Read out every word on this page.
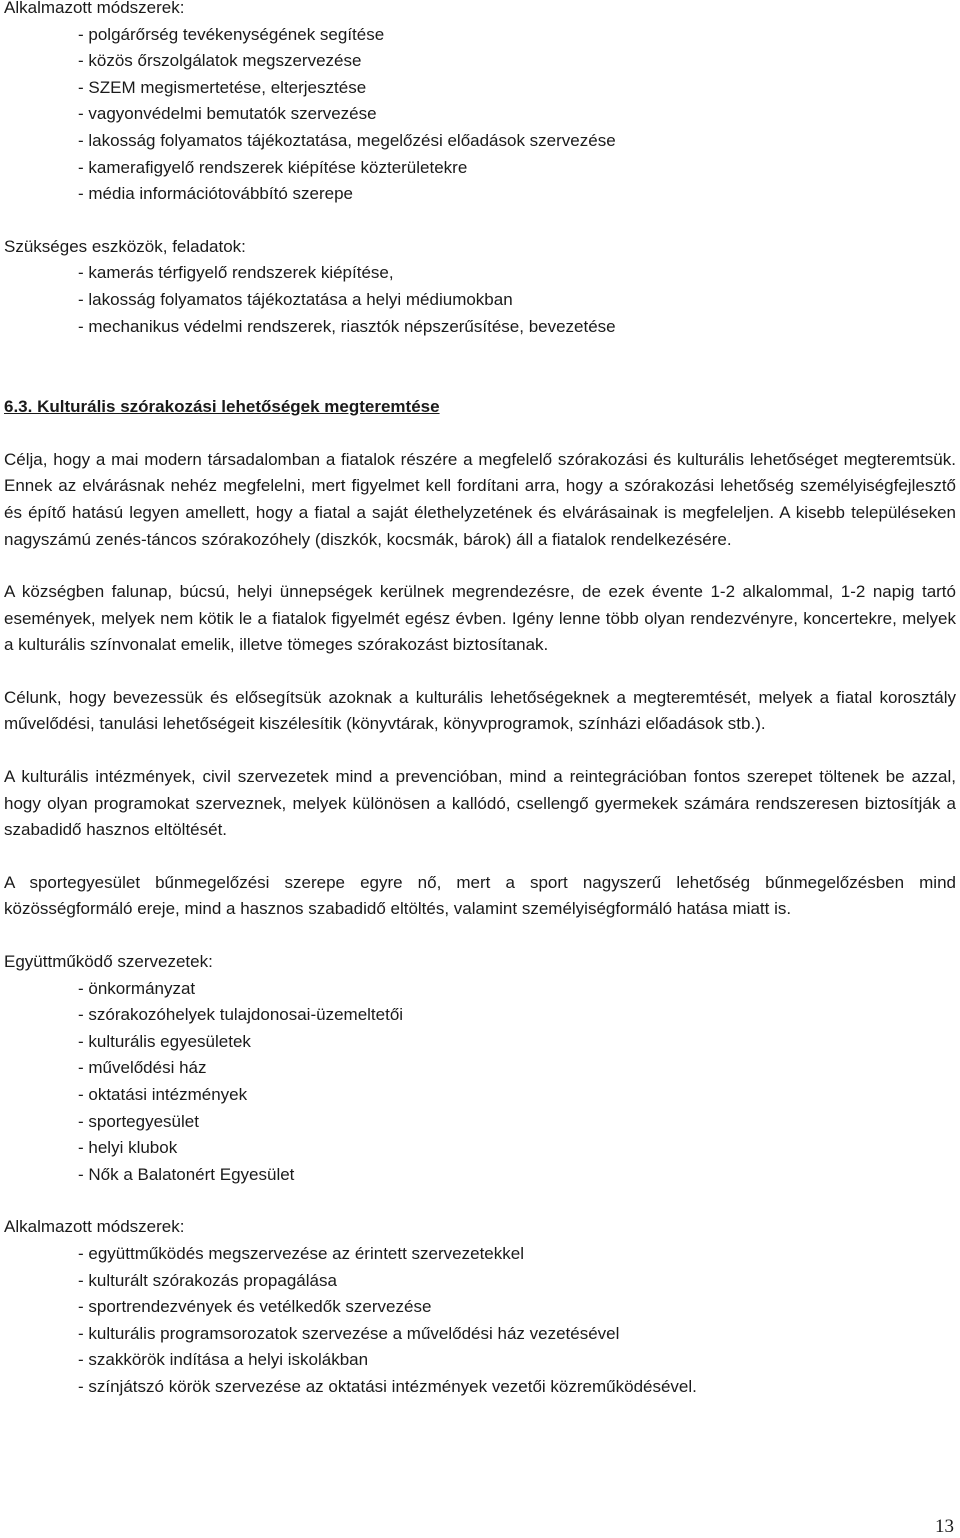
Alkalmazott módszerek:

- polgárőrség tevékenységének segítése
- közös őrszolgálatok megszervezése
- SZEM megismertetése, elterjesztése
- vagyonvédelmi bemutatók szervezése
- lakosság folyamatos tájékoztatása, megelőzési előadások szervezése
- kamerafigyelő rendszerek kiépítése közterületekre
- média információtovábbító szerepe

Szükséges eszközök, feladatok:

- kamerás térfigyelő rendszerek kiépítése,
- lakosság folyamatos tájékoztatása a helyi médiumokban
- mechanikus védelmi rendszerek, riasztók népszerűsítése, bevezetése

6.3. Kulturális szórakozási lehetőségek megteremtése

Célja, hogy a mai modern társadalomban a fiatalok részére a megfelelő szórakozási és kulturális lehetőséget megteremtsük. Ennek az elvárásnak nehéz megfelelni, mert figyelmet kell fordítani arra, hogy a szórakozási lehetőség személyiségfejlesztő és építő hatású legyen amellett, hogy a fiatal a saját élethelyzetének és elvárásainak is megfeleljen. A kisebb településeken nagyszámú zenés-táncos szórakozóhely (diszkók, kocsmák, bárok) áll a fiatalok rendelkezésére.

A községben falunap, búcsú, helyi ünnepségek kerülnek megrendezésre, de ezek évente 1-2 alkalommal, 1-2 napig tartó események, melyek nem kötik le a fiatalok figyelmét egész évben. Igény lenne több olyan rendezvényre, koncertekre, melyek a kulturális színvonalat emelik, illetve tömeges szórakozást biztosítanak.

Célunk, hogy bevezessük és elősegítsük azoknak a kulturális lehetőségeknek a megteremtését, melyek a fiatal korosztály művelődési, tanulási lehetőségeit kiszélesítik (könyvtárak, könyvprogramok, színházi előadások stb.).

A kulturális intézmények, civil szervezetek mind a prevencióban, mind a reintegrációban fontos szerepet töltenek be azzal, hogy olyan programokat szerveznek, melyek különösen a kallódó, csellengő gyermekek számára rendszeresen biztosítják a szabadidő hasznos eltöltését.

A sportegyesület bűnmegelőzési szerepe egyre nő, mert a sport nagyszerű lehetőség bűnmegelőzésben mind közösségformáló ereje, mind a hasznos szabadidő eltöltés, valamint személyiségformáló hatása miatt is.

Együttműködő szervezetek:

- önkormányzat
- szórakozóhelyek tulajdonosai-üzemeltetői
- kulturális egyesületek
- művelődési ház
- oktatási intézmények
- sportegyesület
- helyi klubok
- Nők a Balatonért Egyesület

Alkalmazott módszerek:

- együttműködés megszervezése az érintett szervezetekkel
- kulturált szórakozás propagálása
- sportrendezvények és vetélkedők szervezése
- kulturális programsorozatok szervezése a művelődési ház vezetésével
- szakkörök indítása a helyi iskolákban
- színjátszó körök szervezése az oktatási intézmények vezetői közreműködésével.
13
